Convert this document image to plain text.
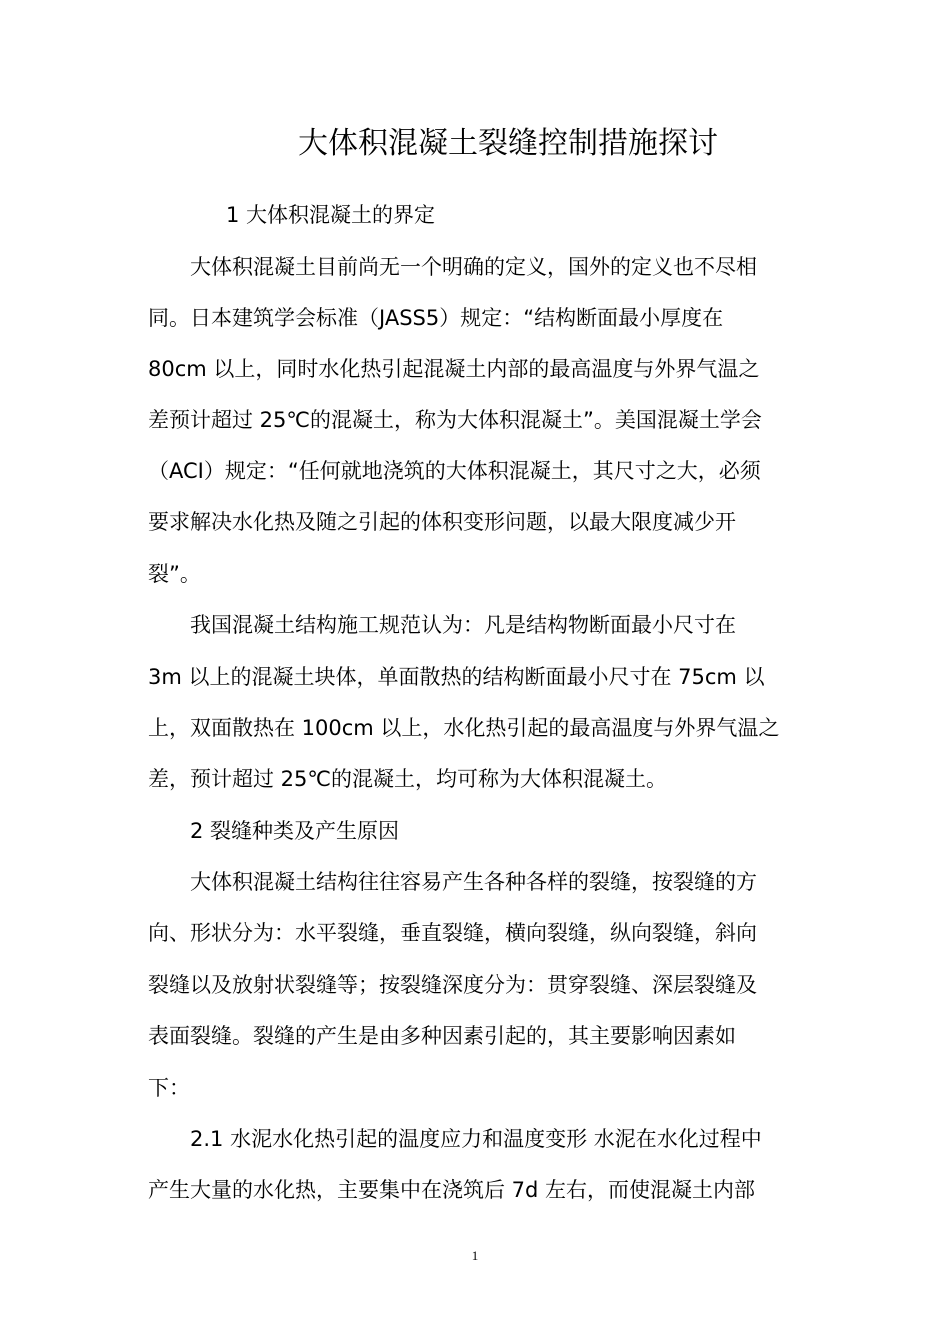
大体积混凝土裂缝控制措施探讨
1 大体积混凝土的界定
大体积混凝土目前尚无一个明确的定义，国外的定义也不尽相
同。日本建筑学会标准（JASS5）规定：“结构断面最小厚度在
80cm 以上，同时水化热引起混凝土内部的最高温度与外界气温之
差预计超过 25℃的混凝土，称为大体积混凝土”。美国混凝土学会
（ACI）规定：“任何就地浇筑的大体积混凝土，其尺寸之大，必须
要求解决水化热及随之引起的体积变形问题，以最大限度减少开
裂”。
我国混凝土结构施工规范认为：凡是结构物断面最小尺寸在
3m 以上的混凝土块体，单面散热的结构断面最小尺寸在 75cm 以
上，双面散热在 100cm 以上，水化热引起的最高温度与外界气温之
差，预计超过 25℃的混凝土，均可称为大体积混凝土。
2 裂缝种类及产生原因
大体积混凝土结构往往容易产生各种各样的裂缝，按裂缝的方
向、形状分为：水平裂缝，垂直裂缝，横向裂缝，纵向裂缝，斜向
裂缝以及放射状裂缝等；按裂缝深度分为：贯穿裂缝、深层裂缝及
表面裂缝。裂缝的产生是由多种因素引起的，其主要影响因素如
下：
2.1 水泥水化热引起的温度应力和温度变形 水泥在水化过程中
产生大量的水化热，主要集中在浇筑后 7d 左右，而使混凝土内部
1
